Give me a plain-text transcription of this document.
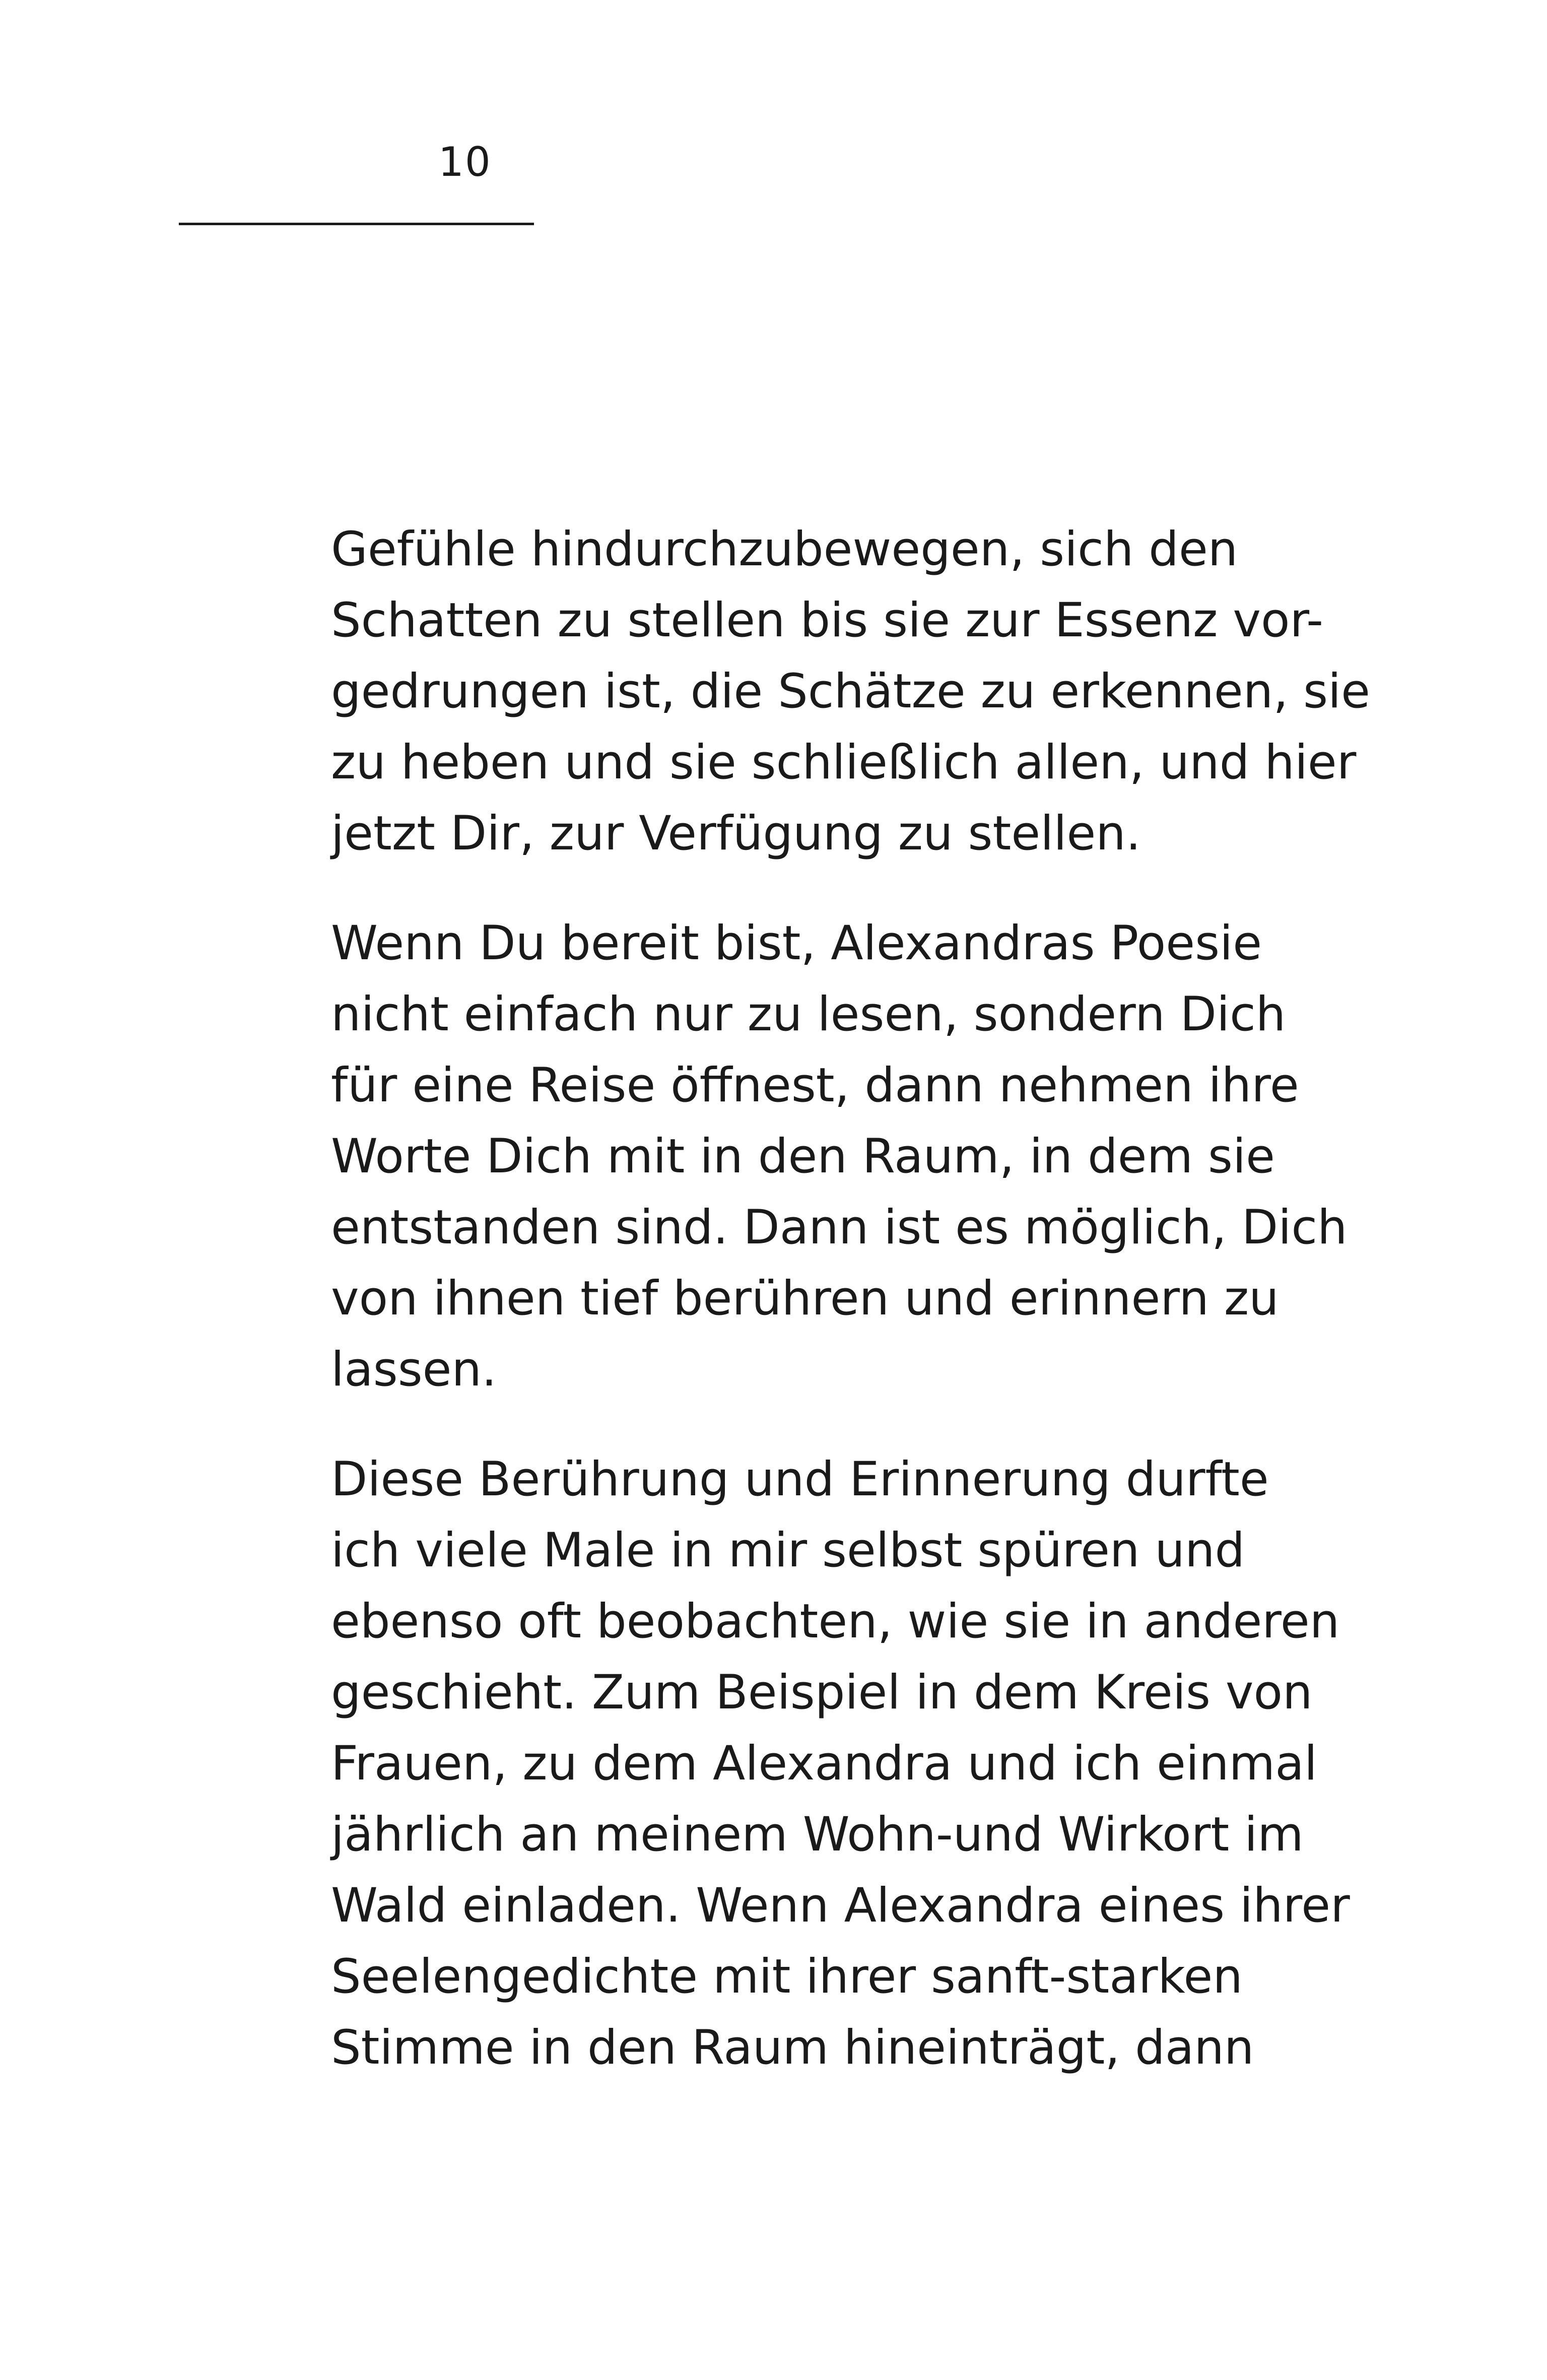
10

Gefühle hindurchzubewegen, sich den
Schatten zu stellen bis sie zur Essenz vor-
gedrungen ist, die Schätze zu erkennen, sie
zu heben und sie schließlich allen, und hier
jetzt Dir, zur Verfügung zu stellen.

Wenn Du bereit bist, Alexandras Poesie
nicht einfach nur zu lesen, sondern Dich
für eine Reise öffnest, dann nehmen ihre
Worte Dich mit in den Raum, in dem sie
entstanden sind. Dann ist es möglich, Dich
von ihnen tief berühren und erinnern zu
lassen.

Diese Berührung und Erinnerung durfte
ich viele Male in mir selbst spüren und
ebenso oft beobachten, wie sie in anderen
geschieht. Zum Beispiel in dem Kreis von
Frauen, zu dem Alexandra und ich einmal
jährlich an meinem Wohn-und Wirkort im
Wald einladen. Wenn Alexandra eines ihrer
Seelengedichte mit ihrer sanft-starken
Stimme in den Raum hineinträgt, dann
